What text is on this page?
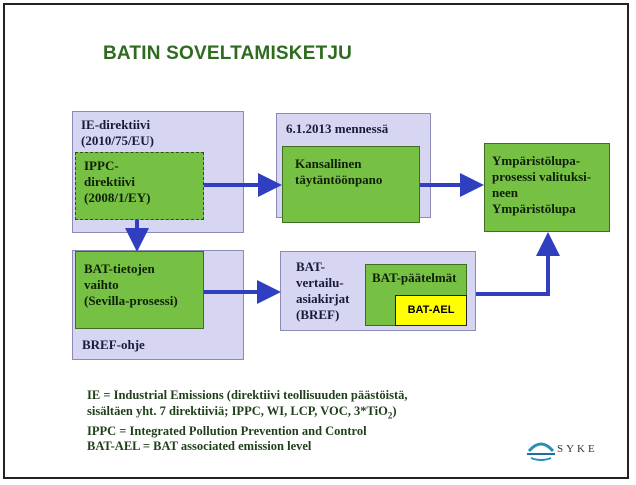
BATIN SOVELTAMISKETJU
IE-direktiivi
(2010/75/EU)
IPPC-
direktiivi
(2008/1/EY)
6.1.2013 mennessä
Kansallinen
täytäntöönpano
Ympäristölupa-
prosessi valituksi-
neen
Ympäristölupa
BREF-ohje
BAT-tietojen
vaihto
(Sevilla-prosessi)
BAT-
vertailu-
asiakirjat
(BREF)
BAT-päätelmät
BAT-AEL
IE = Industrial Emissions (direktiivi teollisuuden päästöistä,
sisältäen yht. 7 direktiiviä; IPPC, WI, LCP, VOC, 3*TiO$_2$)
IPPC = Integrated Pollution Prevention and Control
BAT-AEL = BAT associated emission level	SYKE
